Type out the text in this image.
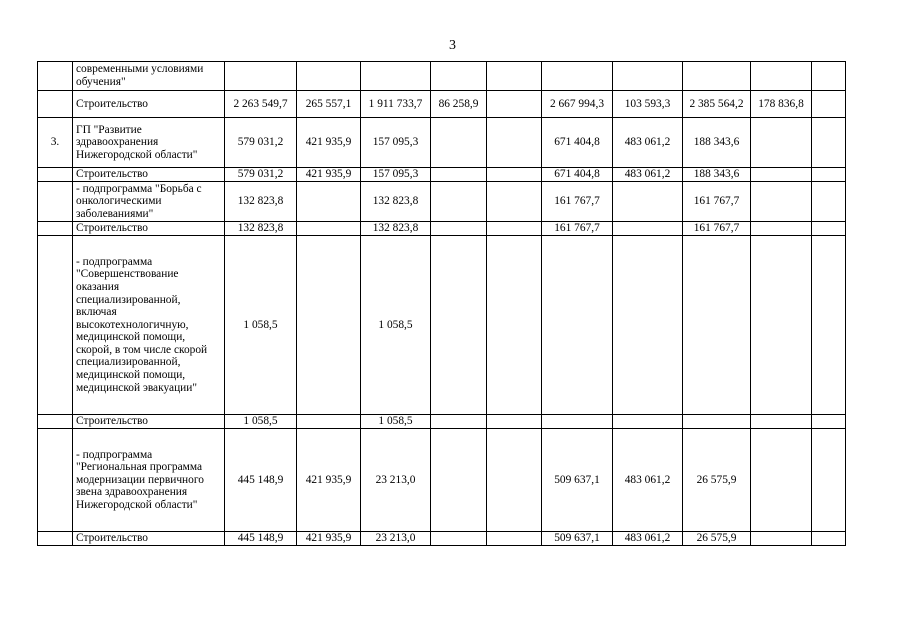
3
	современными условиями обучения"										
	Строительство	2 263 549,7	265 557,1	1 911 733,7	86 258,9		2 667 994,3	103 593,3	2 385 564,2	178 836,8	
3.	ГП "Развитие здравоохранения Нижегородской области"	579 031,2	421 935,9	157 095,3			671 404,8	483 061,2	188 343,6		
	Строительство	579 031,2	421 935,9	157 095,3			671 404,8	483 061,2	188 343,6		
	- подпрограмма "Борьба с онкологическими заболеваниями"	132 823,8		132 823,8			161 767,7		161 767,7		
	Строительство	132 823,8		132 823,8			161 767,7		161 767,7		
	- подпрограмма "Совершенствование оказания специализированной, включая высокотехнологичную, медицинской помощи, скорой, в том числе скорой специализированной, медицинской помощи, медицинской эвакуации"	1 058,5		1 058,5							
	Строительство	1 058,5		1 058,5							
	- подпрограмма "Региональная программа модернизации первичного звена здравоохранения Нижегородской области"	445 148,9	421 935,9	23 213,0			509 637,1	483 061,2	26 575,9		
	Строительство	445 148,9	421 935,9	23 213,0			509 637,1	483 061,2	26 575,9		
